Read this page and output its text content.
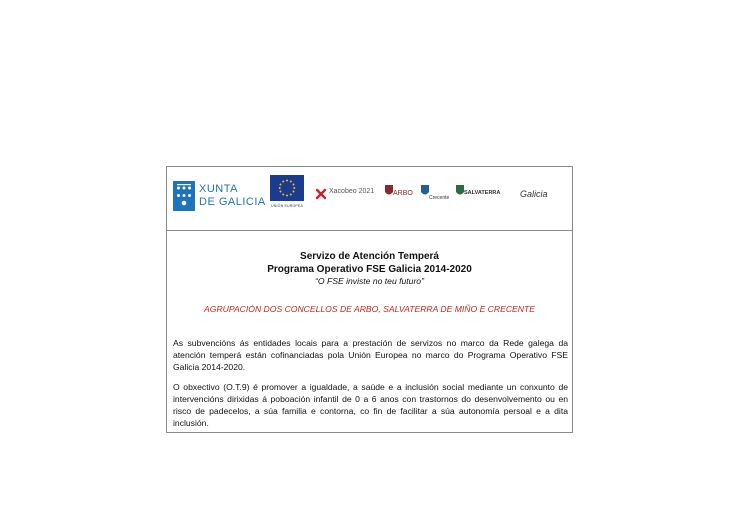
XUNTA
DE GALICIA	UNIÓN EUROPEA
Xacobeo 2021	ARBO
Crecente
SALVATERRA Galicia
Servizo de Atención Temperá
Programa Operativo FSE Galicia 2014-2020
“O FSE inviste no teu futuro”
AGRUPACIÓN DOS CONCELLOS DE ARBO, SALVATERRA DE MIÑO E CRECENTE

As subvencións ás entidades locais para a prestación de servizos no marco da Rede galega da atención temperá están cofinanciadas pola Unión Europea no marco do Programa Operativo FSE Galicia 2014-2020.

O obxectivo (O.T.9) é promover a igualdade, a saúde e a inclusión social mediante un conxunto de intervencións dirixidas á poboación infantil de 0 a 6 anos con trastornos do desenvolvemento ou en risco de padecelos, a súa familia e contorna, co fin de facilitar a súa autonomía persoal e a dita inclusión.
